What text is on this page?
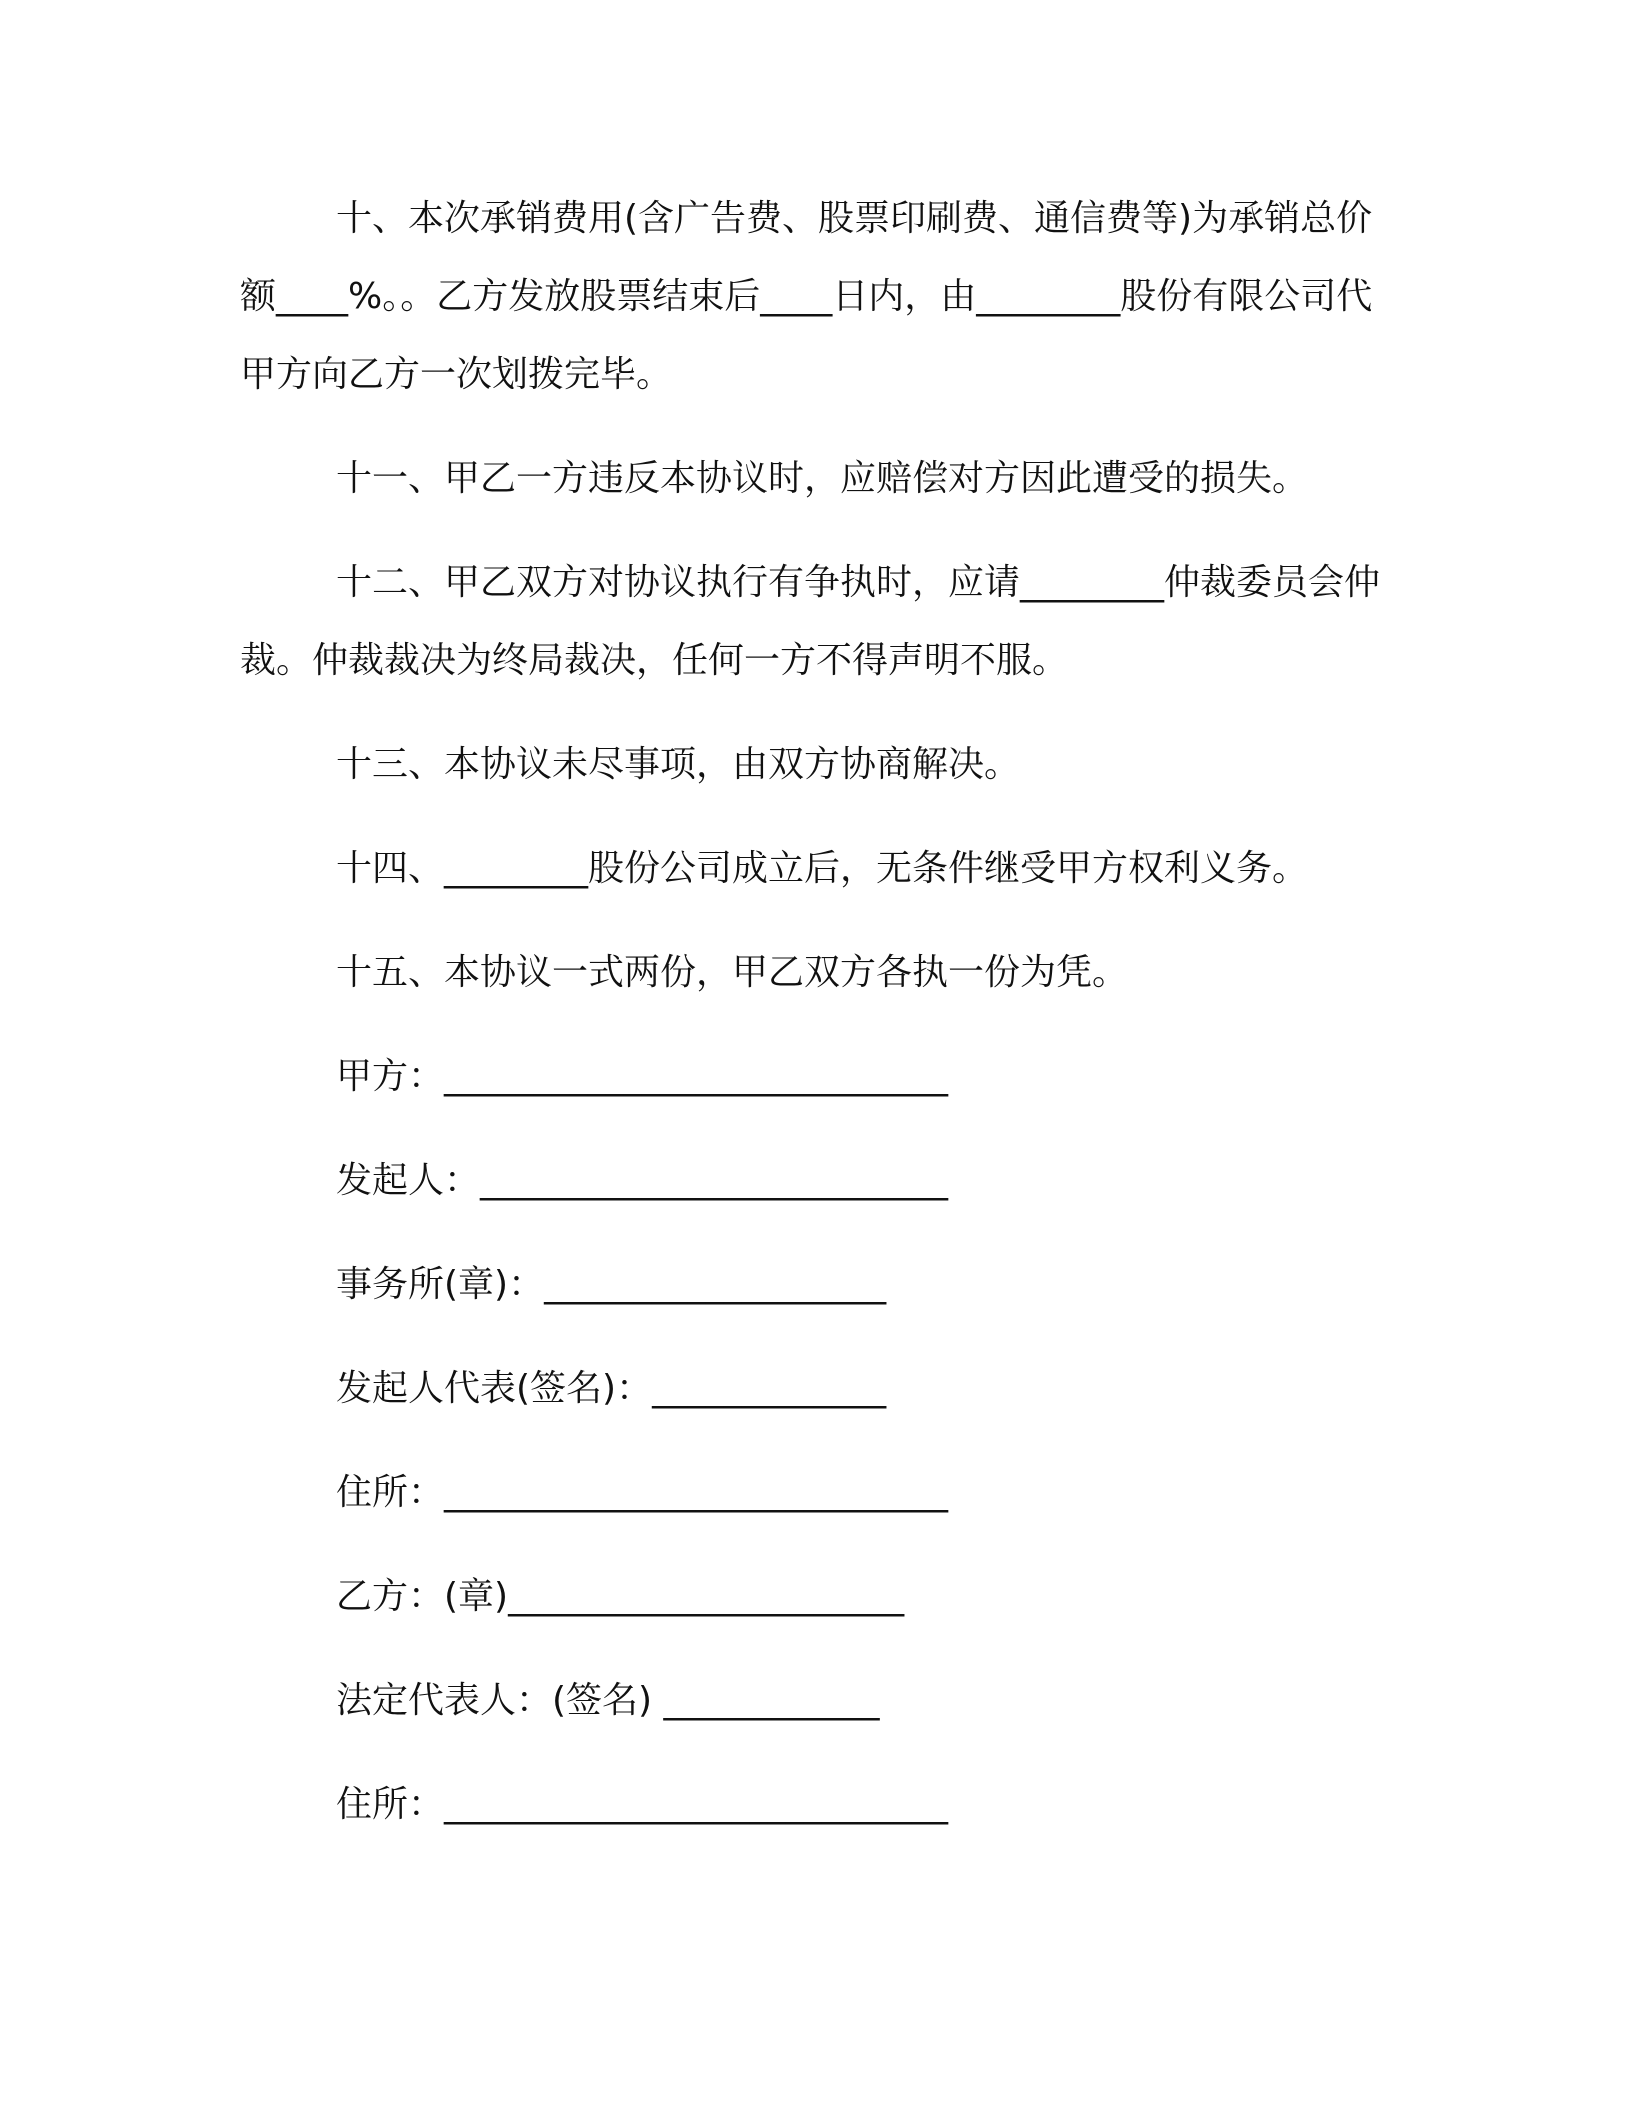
十、本次承销费用(含广告费、股票印刷费、通信费等)为承销总价额____%。。乙方发放股票结束后____日内，由________股份有限公司代甲方向乙方一次划拨完毕。

十一、甲乙一方违反本协议时，应赔偿对方因此遭受的损失。

十二、甲乙双方对协议执行有争执时，应请________仲裁委员会仲裁。仲裁裁决为终局裁决，任何一方不得声明不服。

十三、本协议未尽事项，由双方协商解决。

十四、________股份公司成立后，无条件继受甲方权利义务。

十五、本协议一式两份，甲乙双方各执一份为凭。

甲方：____________________________

发起人：__________________________

事务所(章)：___________________

发起人代表(签名)：_____________

住所：____________________________

乙方：(章)______________________

法定代表人：(签名) ____________

住所：____________________________
